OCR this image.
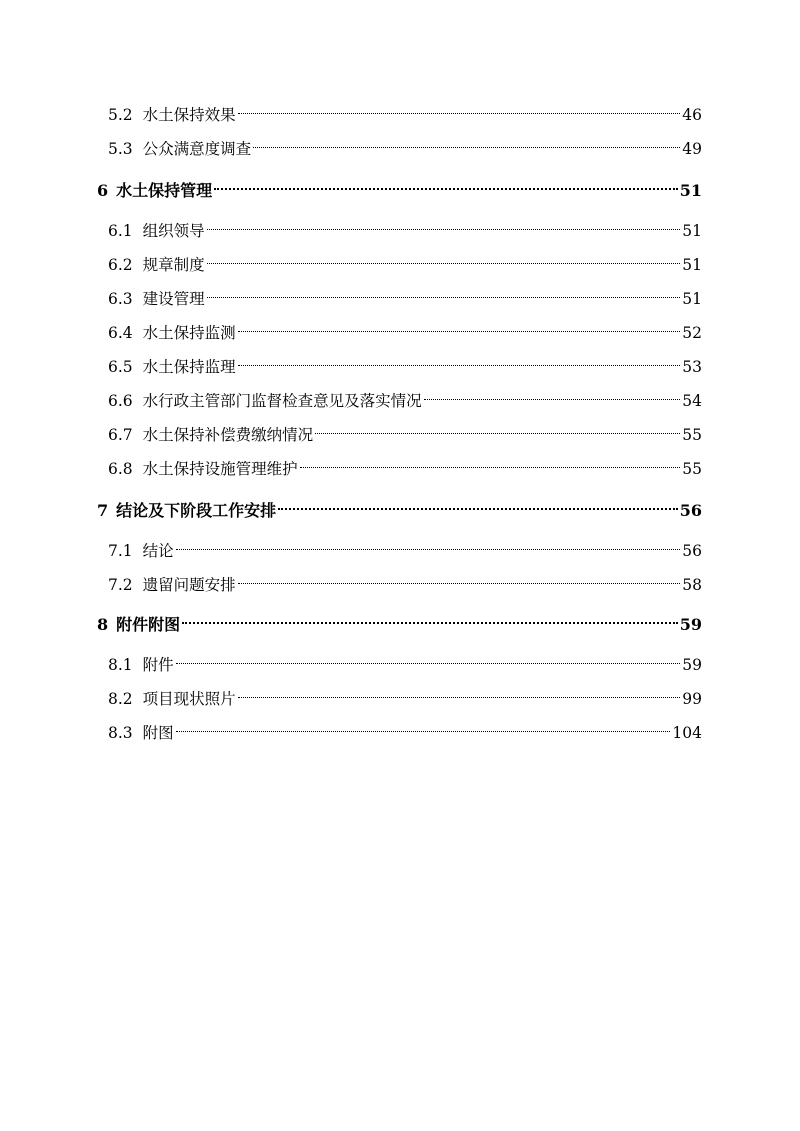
5.2 水土保持效果	46
5.3 公众满意度调查	49
6 水土保持管理	51
6.1 组织领导	51
6.2 规章制度	51
6.3 建设管理	51
6.4 水土保持监测	52
6.5 水土保持监理	53
6.6 水行政主管部门监督检查意见及落实情况	54
6.7 水土保持补偿费缴纳情况	55
6.8 水土保持设施管理维护	55
7 结论及下阶段工作安排	56
7.1 结论	56
7.2 遗留问题安排	58
8 附件附图	59
8.1 附件	59
8.2 项目现状照片	99
8.3 附图	104
